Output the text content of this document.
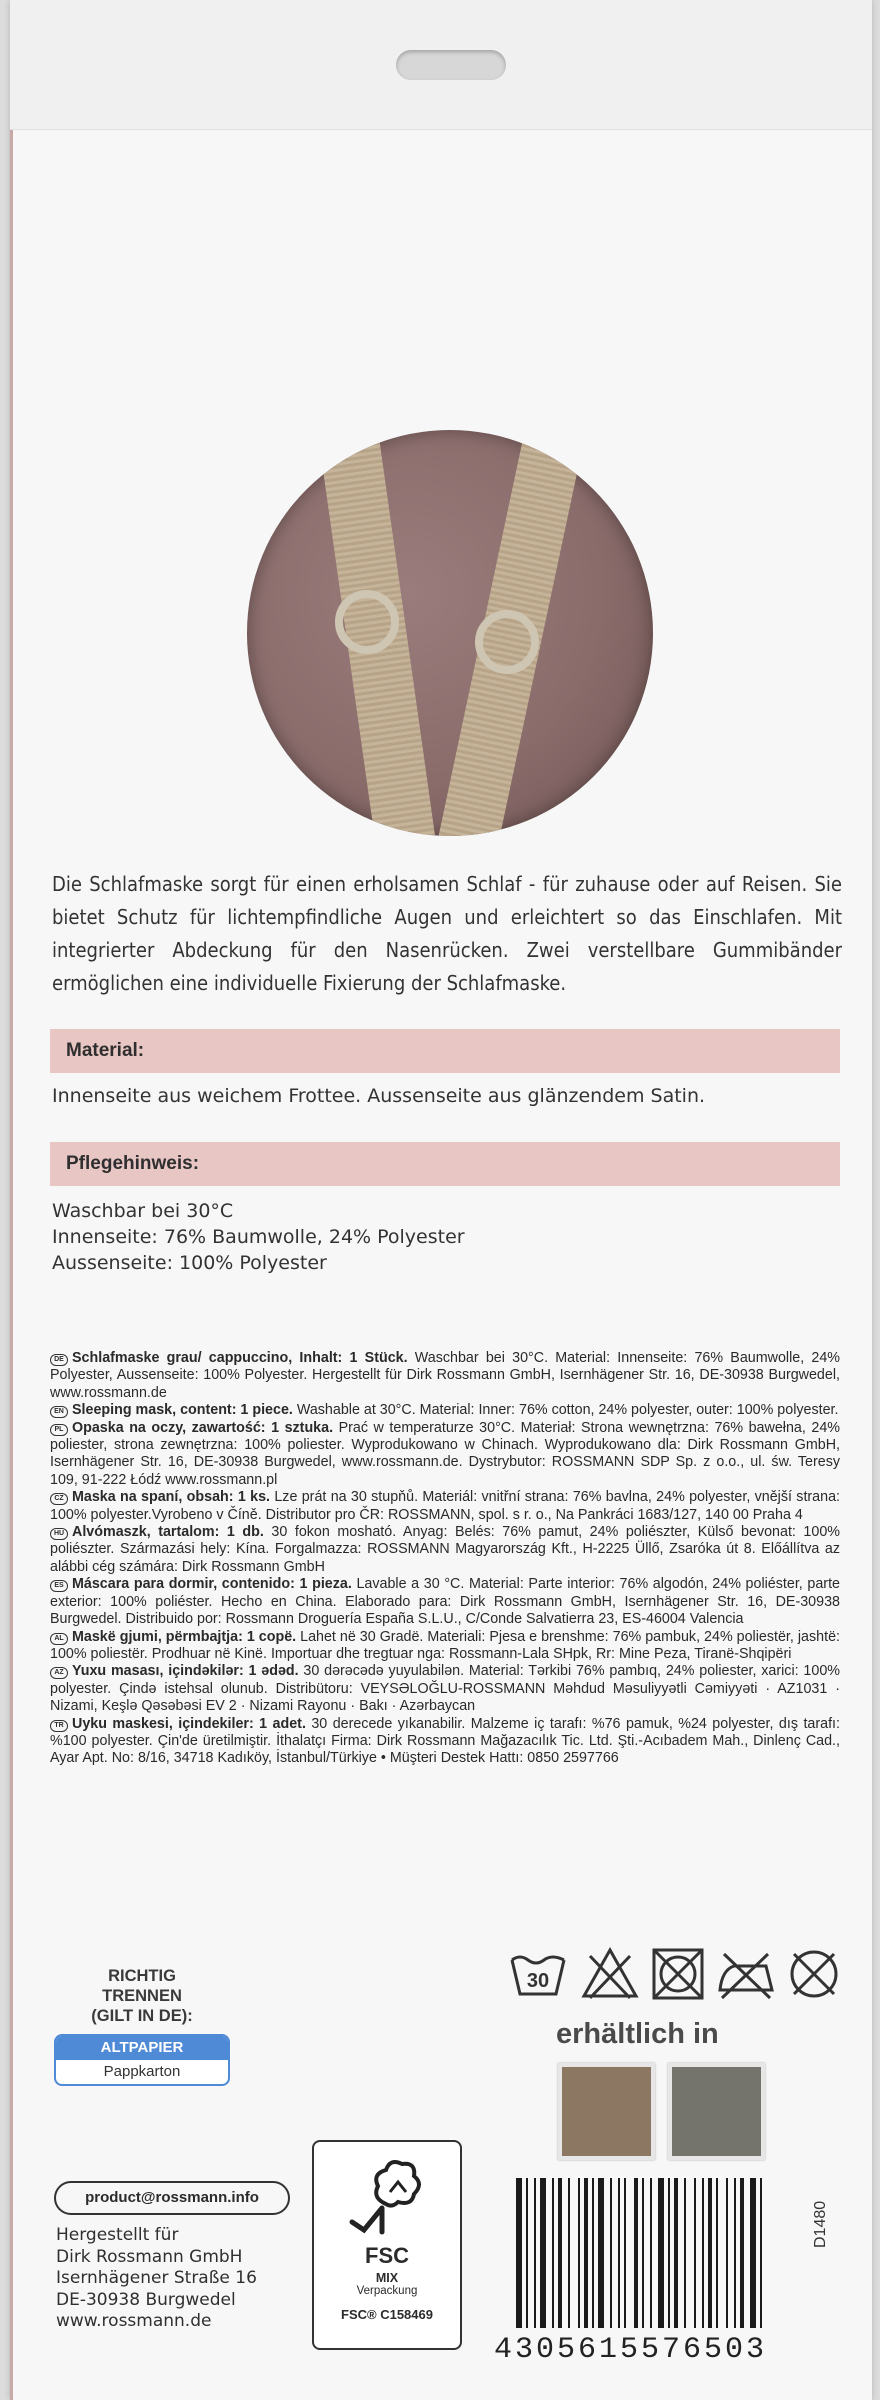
Die Schlafmaske sorgt für einen erholsamen Schlaf - für zuhause oder auf Reisen. Sie bietet Schutz für lichtempfindliche Augen und erleichtert so das Einschlafen. Mit integrierter Abdeckung für den Nasenrücken. Zwei verstellbare Gummibänder ermöglichen eine individuelle Fixierung der Schlafmaske.

Material:

Innenseite aus weichem Frottee. Aussenseite aus glänzendem Satin.

Pflegehinweis:
Waschbar bei 30°C
Innenseite: 76% Baumwolle, 24% Polyester
Aussenseite: 100% Polyester

DE Schlafmaske grau/ cappuccino, Inhalt: 1 Stück. Waschbar bei 30°C. Material: Innenseite: 76% Baumwolle, 24% Polyester, Aussenseite: 100% Polyester. Hergestellt für Dirk Rossmann GmbH, Isernhägener Str. 16, DE-30938 Burgwedel, www.rossmann.de

EN Sleeping mask, content: 1 piece. Washable at 30°C. Material: Inner: 76% cotton, 24% polyester, outer: 100% polyester.

PL Opaska na oczy, zawartość: 1 sztuka. Prać w temperaturze 30°C. Materiał: Strona wewnętrzna: 76% bawełna, 24% poliester, strona zewnętrzna: 100% poliester. Wyprodukowano w Chinach. Wyprodukowano dla: Dirk Rossmann GmbH, Isernhägener Str. 16, DE-30938 Burgwedel, www.rossmann.de. Dystrybutor: ROSSMANN SDP Sp. z o.o., ul. św. Teresy 109, 91-222 Łódź www.rossmann.pl

CZ Maska na spaní, obsah: 1 ks. Lze prát na 30 stupňů. Materiál: vnitřní strana: 76% bavlna, 24% polyester, vnější strana: 100% polyester.Vyrobeno v Číně. Distributor pro ČR: ROSSMANN, spol. s r. o., Na Pankráci 1683/127, 140 00 Praha 4

HU Alvómaszk, tartalom: 1 db. 30 fokon mosható. Anyag: Belés: 76% pamut, 24% poliészter, Külső bevonat: 100% poliészter. Származási hely: Kína. Forgalmazza: ROSSMANN Magyarország Kft., H-2225 Üllő, Zsaróka út 8. Előállítva az alábbi cég számára: Dirk Rossmann GmbH

ES Máscara para dormir, contenido: 1 pieza. Lavable a 30 °C. Material: Parte interior: 76% algodón, 24% poliéster, parte exterior: 100% poliéster. Hecho en China. Elaborado para: Dirk Rossmann GmbH, Isernhägener Str. 16, DE-30938 Burgwedel. Distribuido por: Rossmann Droguería España S.L.U., C/Conde Salvatierra 23, ES-46004 Valencia

AL Maskë gjumi, përmbajtja: 1 copë. Lahet në 30 Gradë. Materiali: Pjesa e brenshme: 76% pambuk, 24% poliestër, jashtë: 100% poliestër. Prodhuar në Kinë. Importuar dhe tregtuar nga: Rossmann-Lala SHpk, Rr: Mine Peza, Tiranë-Shqipëri

AZ Yuxu masası, içindəkilər: 1 ədəd. 30 dərəcədə yuyulabilən. Material: Tərkibi 76% pambıq, 24% poliester, xarici: 100% polyester. Çində istehsal olunub. Distribütoru: VEYSƏLOĞLU-ROSSMANN Məhdud Məsuliyyətli Cəmiyyəti · AZ1031 · Nizami, Keşlə Qəsəbəsi EV 2 · Nizami Rayonu · Bakı · Azərbaycan

TR Uyku maskesi, içindekiler: 1 adet. 30 derecede yıkanabilir. Malzeme iç tarafı: %76 pamuk, %24 polyester, dış tarafı: %100 polyester. Çin'de üretilmiştir. İthalatçı Firma: Dirk Rossmann Mağazacılık Tic. Ltd. Şti.-Acıbadem Mah., Dinlenç Cad., Ayar Apt. No: 8/16, 34718 Kadıköy, İstanbul/Türkiye • Müşteri Destek Hattı: 0850 2597766

30
erhältlich in
RICHTIG
TRENNEN
(GILT IN DE):
ALTPAPIER
Pappkarton
product@rossmann.info
Hergestellt für
Dirk Rossmann GmbH
Isernhägener Straße 16
DE-30938 Burgwedel
www.rossmann.de
FSC
MIX
Verpackung
FSC® C158469
4305615576503
D1480
